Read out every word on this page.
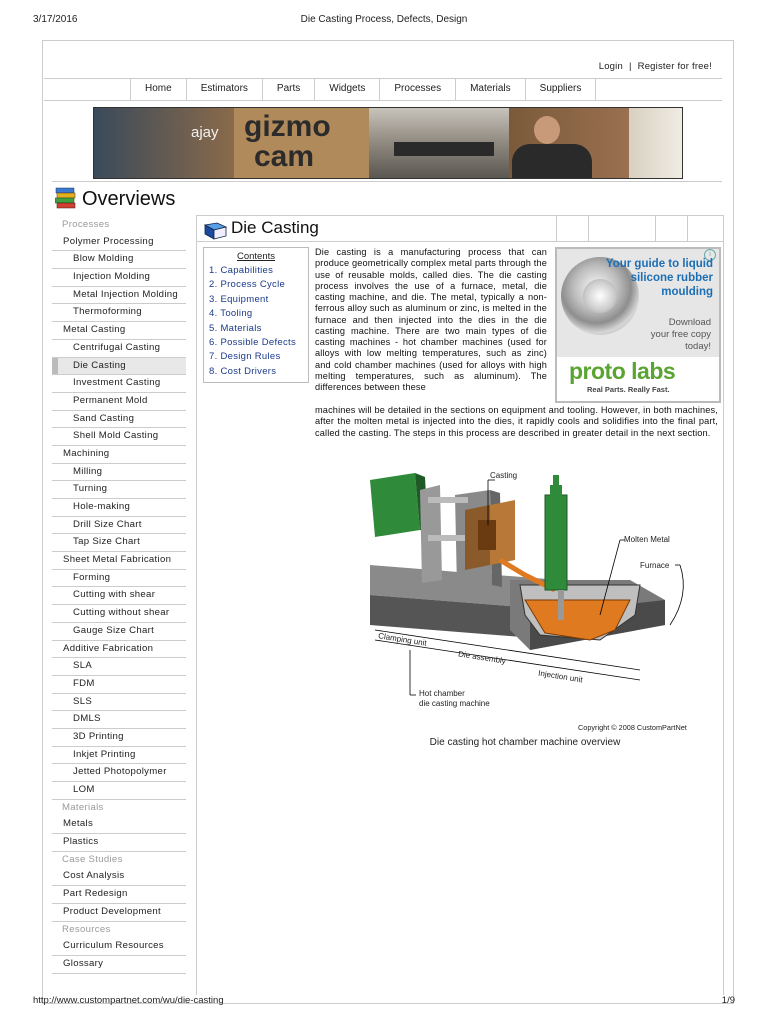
3/17/2016	Die Casting Process, Defects, Design
Login | Register for free!
Home	Estimators	Parts	Widgets	Processes	Materials	Suppliers
ajay gizmo
cam
Overviews
Processes
Polymer Processing
Blow Molding
Injection Molding
Metal Injection Molding
Thermoforming
Metal Casting
Centrifugal Casting
Die Casting
Investment Casting
Permanent Mold
Sand Casting
Shell Mold Casting
Machining
Milling
Turning
Hole-making
Drill Size Chart
Tap Size Chart
Sheet Metal Fabrication
Forming
Cutting with shear
Cutting without shear
Gauge Size Chart
Additive Fabrication
SLA
FDM
SLS
DMLS
3D Printing
Inkjet Printing
Jetted Photopolymer
LOM
Materials
Metals
Plastics
Case Studies
Cost Analysis
Part Redesign
Product Development
Resources
Curriculum Resources
Glossary
Die Casting
Contents
1. Capabilities
2. Process Cycle
3. Equipment
4. Tooling
5. Materials
6. Possible Defects
7. Design Rules
8. Cost Drivers
Die casting is a manufacturing process that can produce geometrically complex metal parts through the use of reusable molds, called dies. The die casting process involves the use of a furnace, metal, die casting machine, and die. The metal, typically a non-ferrous alloy such as aluminum or zinc, is melted in the furnace and then injected into the dies in the die casting machine. There are two main types of die casting machines - hot chamber machines (used for alloys with low melting temperatures, such as zinc) and cold chamber machines (used for alloys with high melting temperatures, such as aluminum). The differences between these
machines will be detailed in the sections on equipment and tooling. However, in both machines, after the molten metal is injected into the dies, it rapidly cools and solidifies into the final part, called the casting. The steps in this process are described in greater detail in the next section.
i
Your guide to liquid silicone rubber moulding
Download your free copy today!
proto labs
Real Parts. Really Fast.
Casting
Molten Metal
Furnace
Clamping unit
Die assembly
Injection unit
Hot chamber
die casting machine
Copyright © 2008 CustomPartNet
Die casting hot chamber machine overview
http://www.custompartnet.com/wu/die-casting	1/9
